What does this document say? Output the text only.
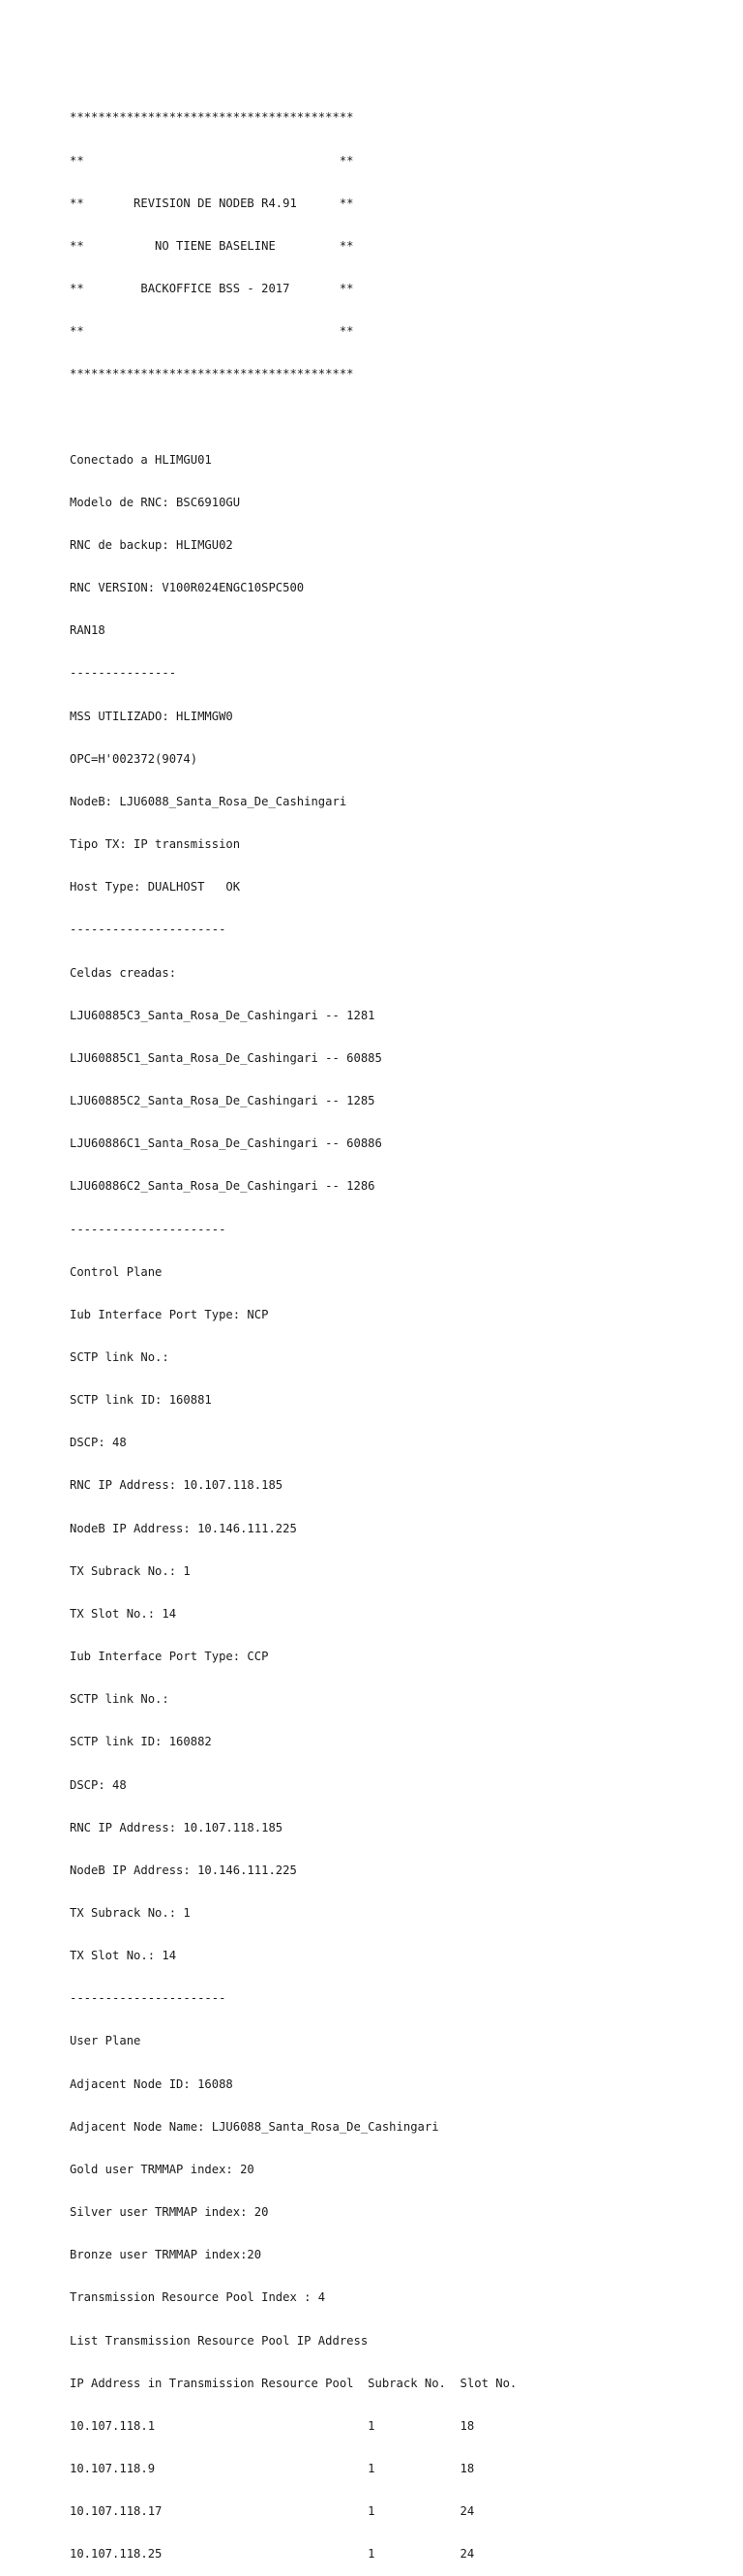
****************************************

**                                    **

**       REVISION DE NODEB R4.91      **

**          NO TIENE BASELINE         **

**        BACKOFFICE BSS - 2017       **

**                                    **

****************************************

Conectado a HLIMGU01

Modelo de RNC: BSC6910GU

RNC de backup: HLIMGU02

RNC VERSION: V100R024ENGC10SPC500

RAN18

---------------

MSS UTILIZADO: HLIMMGW0

OPC=H'002372(9074)

NodeB: LJU6088_Santa_Rosa_De_Cashingari

Tipo TX: IP transmission

Host Type: DUALHOST   OK

----------------------

Celdas creadas:

LJU60885C3_Santa_Rosa_De_Cashingari -- 1281

LJU60885C1_Santa_Rosa_De_Cashingari -- 60885

LJU60885C2_Santa_Rosa_De_Cashingari -- 1285

LJU60886C1_Santa_Rosa_De_Cashingari -- 60886

LJU60886C2_Santa_Rosa_De_Cashingari -- 1286

----------------------

Control Plane

Iub Interface Port Type: NCP

SCTP link No.:

SCTP link ID: 160881

DSCP: 48

RNC IP Address: 10.107.118.185

NodeB IP Address: 10.146.111.225

TX Subrack No.: 1

TX Slot No.: 14

Iub Interface Port Type: CCP

SCTP link No.:

SCTP link ID: 160882

DSCP: 48

RNC IP Address: 10.107.118.185

NodeB IP Address: 10.146.111.225

TX Subrack No.: 1

TX Slot No.: 14

----------------------

User Plane

Adjacent Node ID: 16088

Adjacent Node Name: LJU6088_Santa_Rosa_De_Cashingari

Gold user TRMMAP index: 20

Silver user TRMMAP index: 20

Bronze user TRMMAP index:20

Transmission Resource Pool Index : 4

List Transmission Resource Pool IP Address

IP Address in Transmission Resource Pool  Subrack No.  Slot No.

10.107.118.1                              1            18

10.107.118.9                              1            18

10.107.118.17                             1            24

10.107.118.25                             1            24
